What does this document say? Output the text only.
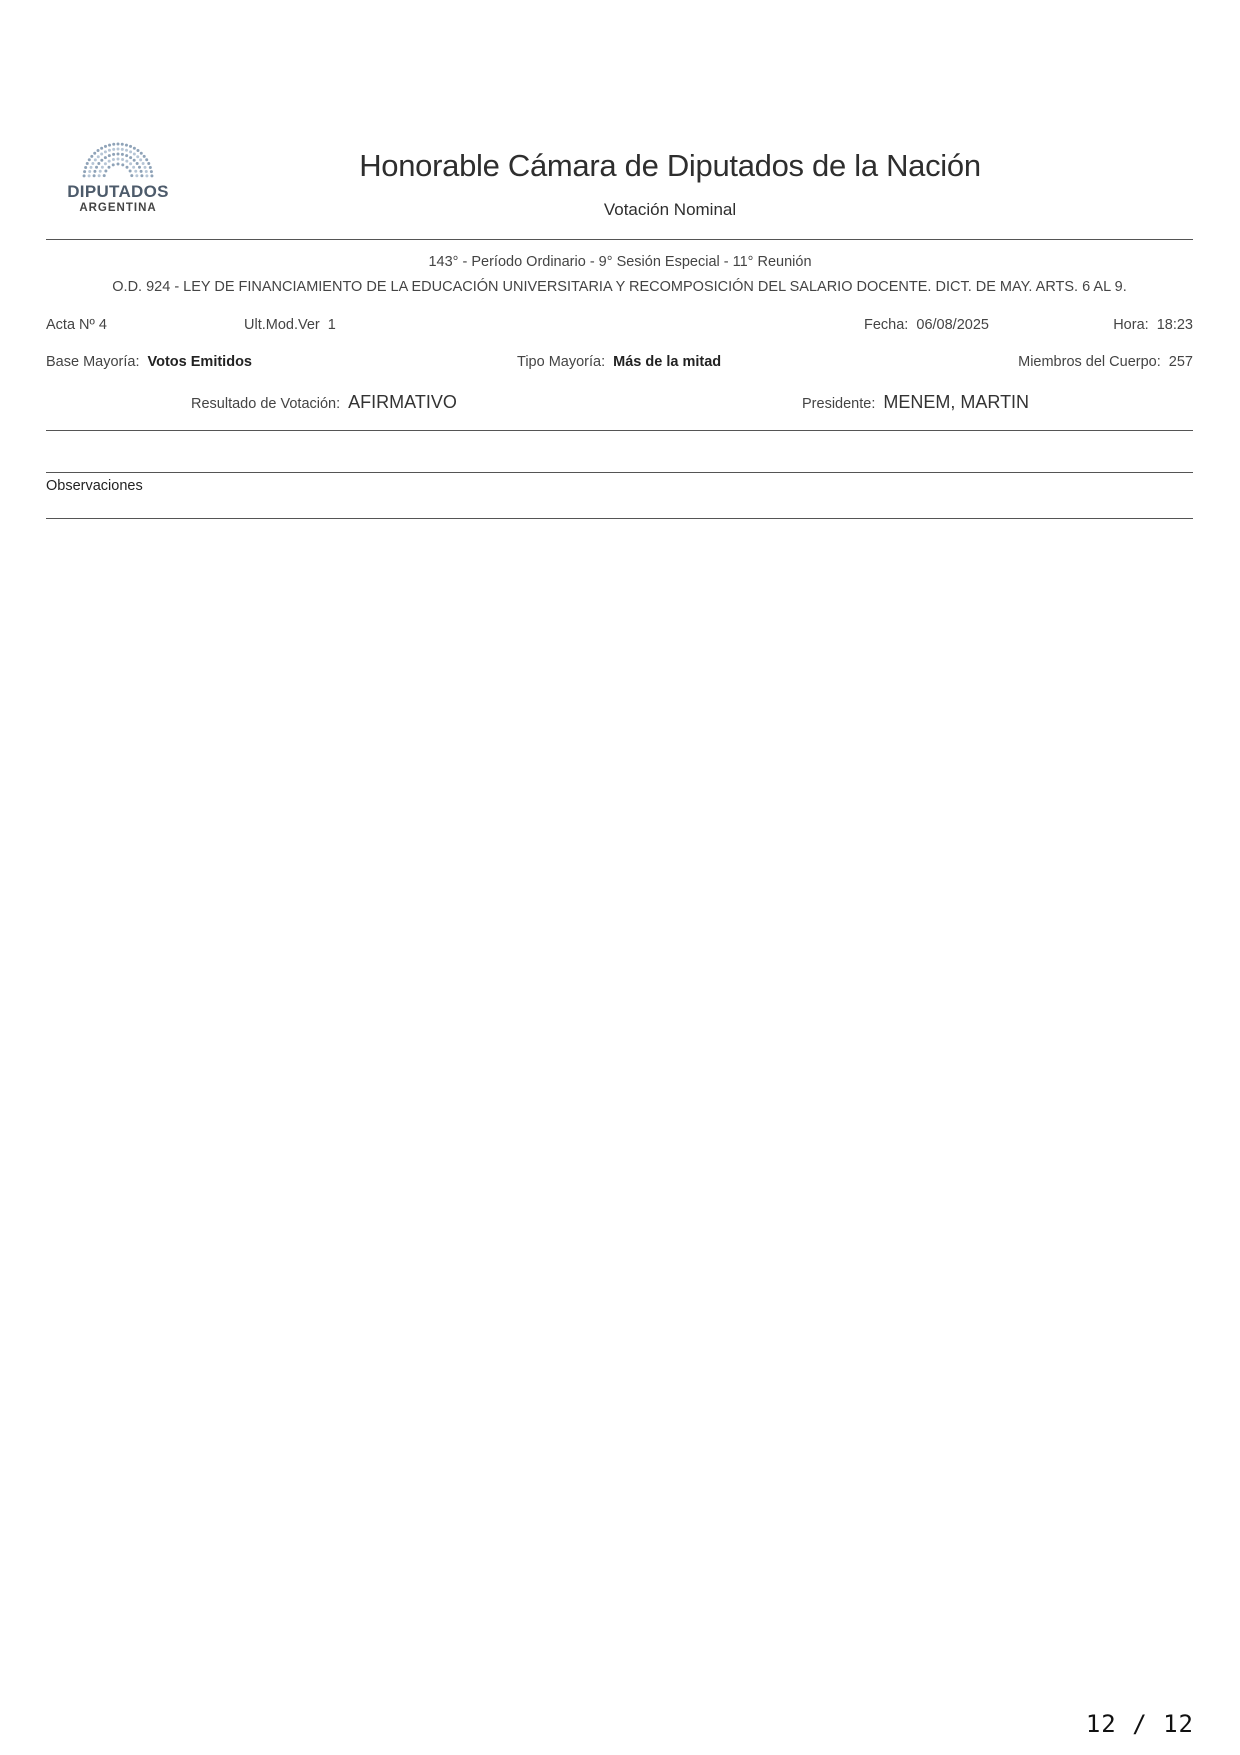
DIPUTADOS
ARGENTINA
Honorable Cámara de Diputados de la Nación
Votación Nominal
143° - Período Ordinario - 9° Sesión Especial - 11° Reunión
O.D. 924 - LEY DE FINANCIAMIENTO DE LA EDUCACIÓN UNIVERSITARIA Y RECOMPOSICIÓN DEL SALARIO DOCENTE. DICT. DE MAY. ARTS. 6 AL 9.
Acta Nº 4	Ult.Mod.Ver 1	Fecha: 06/08/2025	Hora: 18:23
Base Mayoría: Votos Emitidos	Tipo Mayoría: Más de la mitad	Miembros del Cuerpo: 257
Resultado de Votación: AFIRMATIVO	Presidente: MENEM, MARTIN
Observaciones
12 / 12
